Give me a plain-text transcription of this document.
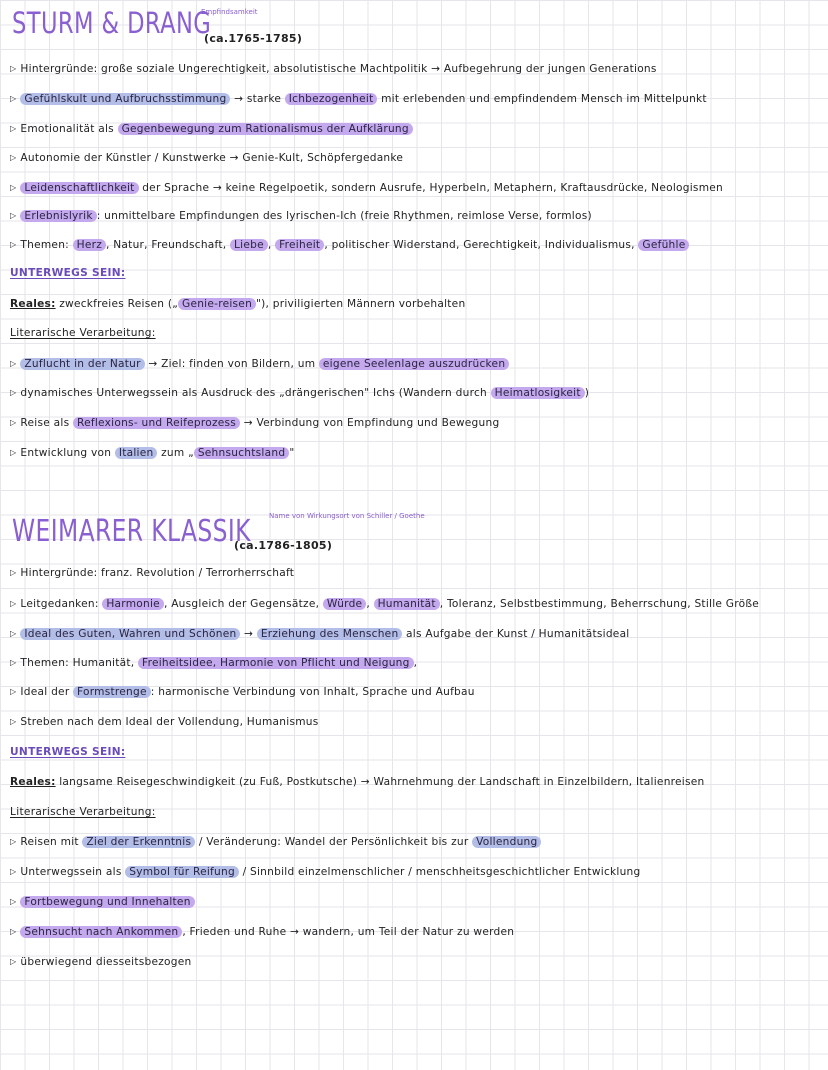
STURM & DRANG
Empfindsamkeit
(ca.1765-1785)
▷ Hintergründe: große soziale Ungerechtigkeit, absolutistische Machtpolitik → Aufbegehrung der jungen Generations
▷ Gefühlskult und Aufbruchsstimmung → starke Ichbezogenheit mit erlebenden und empfindendem Mensch im Mittelpunkt
▷ Emotionalität als Gegenbewegung zum Rationalismus der Aufklärung
▷ Autonomie der Künstler / Kunstwerke → Genie-Kult, Schöpfergedanke
▷ Leidenschaftlichkeit der Sprache → keine Regelpoetik, sondern Ausrufe, Hyperbeln, Metaphern, Kraftausdrücke, Neologismen
▷ Erlebnislyrik : unmittelbare Empfindungen des lyrischen-Ich (freie Rhythmen, reimlose Verse, formlos)
▷ Themen: Herz , Natur, Freundschaft, Liebe , Freiheit , politischer Widerstand, Gerechtigkeit, Individualismus, Gefühle
UNTERWEGS SEIN:
Reales: zweckfreies Reisen („ Genie-reisen "), priviligierten Männern vorbehalten
Literarische Verarbeitung:
▷ Zuflucht in der Natur → Ziel: finden von Bildern, um eigene Seelenlage auszudrücken
▷ dynamisches Unterwegssein als Ausdruck des „drängerischen" Ichs (Wandern durch Heimatlosigkeit )
▷ Reise als Reflexions- und Reifeprozess → Verbindung von Empfindung und Bewegung
▷ Entwicklung von Italien zum „ Sehnsuchtsland "
WEIMARER KLASSIK	Name von Wirkungsort von Schiller / Goethe
(ca.1786-1805)
▷ Hintergründe: franz. Revolution / Terrorherrschaft
▷ Leitgedanken: Harmonie , Ausgleich der Gegensätze, Würde , Humanität , Toleranz, Selbstbestimmung, Beherrschung, Stille Größe
▷ Ideal des Guten, Wahren und Schönen → Erziehung des Menschen als Aufgabe der Kunst / Humanitätsideal
▷ Themen: Humanität, Freiheitsidee, Harmonie von Pflicht und Neigung ,
▷ Ideal der Formstrenge : harmonische Verbindung von Inhalt, Sprache und Aufbau
▷ Streben nach dem Ideal der Vollendung, Humanismus
UNTERWEGS SEIN:
Reales: langsame Reisegeschwindigkeit (zu Fuß, Postkutsche) → Wahrnehmung der Landschaft in Einzelbildern, Italienreisen
Literarische Verarbeitung:
▷ Reisen mit Ziel der Erkenntnis / Veränderung: Wandel der Persönlichkeit bis zur Vollendung
▷ Unterwegssein als Symbol für Reifung / Sinnbild einzelmenschlicher / menschheitsgeschichtlicher Entwicklung
▷ Fortbewegung und Innehalten
▷ Sehnsucht nach Ankommen , Frieden und Ruhe → wandern, um Teil der Natur zu werden
▷ überwiegend diesseitsbezogen
